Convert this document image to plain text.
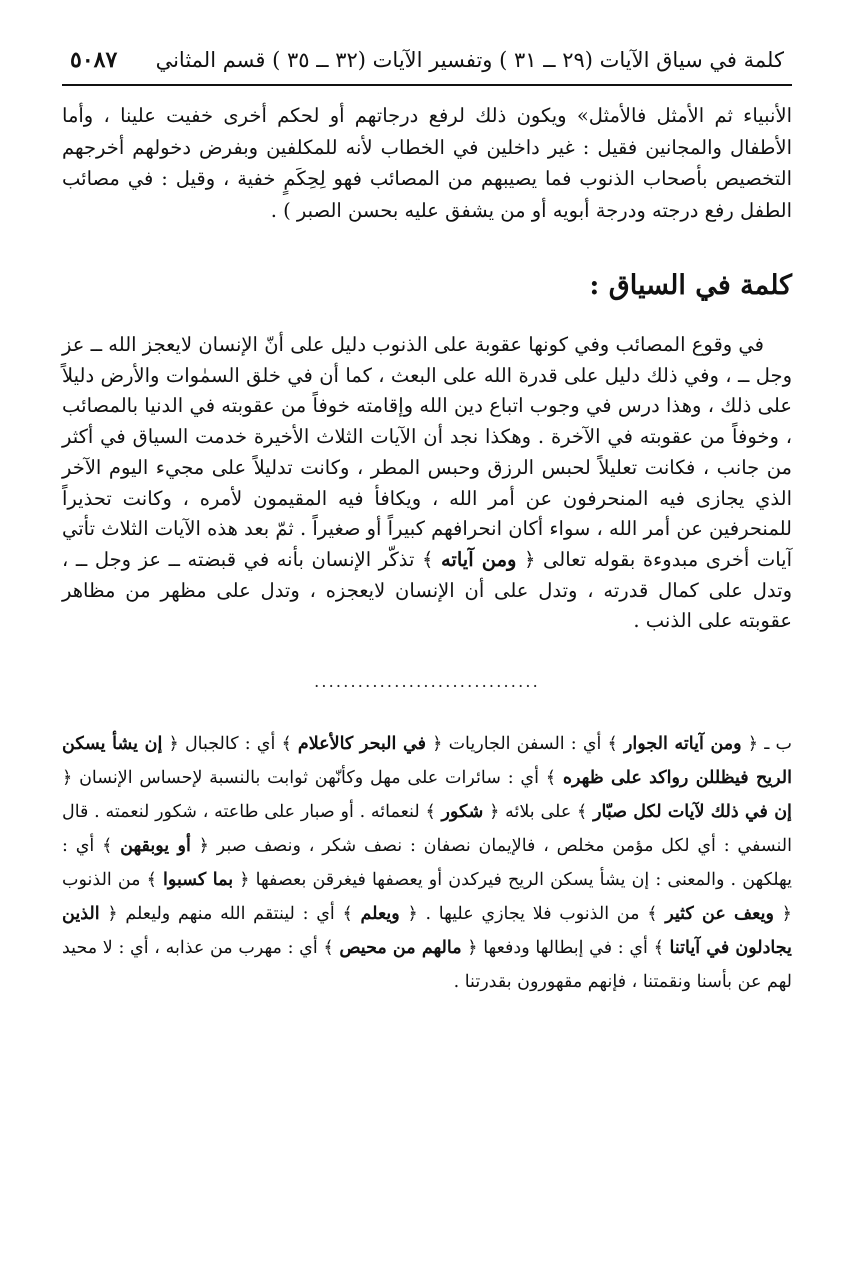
كلمة في سياق الآيات (٢٩ ــ ٣١ ) وتفسير الآيات (٣٢ ــ ٣٥ ) قسم المثاني
٥٠٨٧

الأنبياء ثم الأمثل فالأمثل» ويكون ذلك لرفع درجاتهم أو لحكم أخرى خفيت علينا ، وأما الأطفال والمجانين فقيل : غير داخلين في الخطاب لأنه للمكلفين وبفرض دخولهم أخرجهم التخصيص بأصحاب الذنوب فما يصيبهم من المصائب فهو لِحِكَمٍ خفية ، وقيل : في مصائب الطفل رفع درجته ودرجة أبويه أو من يشفق عليه بحسن الصبر ) .

كلمة في السياق :

في وقوع المصائب وفي كونها عقوبة على الذنوب دليل على أنّ الإنسان لايعجز الله ــ عز وجل ــ ، وفي ذلك دليل على قدرة الله على البعث ، كما أن في خلق السمٰوات والأرض دليلاً على ذلك ، وهذا درس في وجوب اتباع دين الله وإقامته خوفاً من عقوبته في الدنيا بالمصائب ، وخوفاً من عقوبته في الآخرة . وهكذا نجد أن الآيات الثلاث الأخيرة خدمت السياق في أكثر من جانب ، فكانت تعليلاً لحبس الرزق وحبس المطر ، وكانت تدليلاً على مجيء اليوم الآخر الذي يجازى فيه المنحرفون عن أمر الله ، ويكافأ فيه المقيمون لأمره ، وكانت تحذيراً للمنحرفين عن أمر الله ، سواء أكان انحرافهم كبيراً أو صغيراً . ثمّ بعد هذه الآيات الثلاث تأتي آيات أخرى مبدوءة بقوله تعالى ﴿ ومن آياته ﴾ تذكّر الإنسان بأنه في قبضته ــ عز وجل ــ ، وتدل على كمال قدرته ، وتدل على أن الإنسان لايعجزه ، وتدل على مظهر من مظاهر عقوبته على الذنب .

...............................

ب ـ ﴿ ومن آياته الجوار ﴾ أي : السفن الجاريات ﴿ في البحر كالأعلام ﴾ أي : كالجبال ﴿ إن يشأ يسكن الريح فيظللن رواكد على ظهره ﴾ أي : سائرات على مهل وكأنّهن ثوابت بالنسبة لإحساس الإنسان ﴿ إن في ذلك لآيات لكل صبّار ﴾ على بلائه ﴿ شكور ﴾ لنعمائه . أو صبار على طاعته ، شكور لنعمته . قال النسفي : أي لكل مؤمن مخلص ، فالإيمان نصفان : نصف شكر ، ونصف صبر ﴿ أو يوبقهن ﴾ أي : يهلكهن . والمعنى : إن يشأ يسكن الريح فيركدن أو يعصفها فيغرقن بعصفها ﴿ بما كسبوا ﴾ من الذنوب ﴿ ويعف عن كثير ﴾ من الذنوب فلا يجازي عليها . ﴿ ويعلم ﴾ أي : لينتقم الله منهم وليعلم ﴿ الذين يجادلون في آياتنا ﴾ أي : في إبطالها ودفعها ﴿ مالهم من محيص ﴾ أي : مهرب من عذابه ، أي : لا محيد لهم عن بأسنا ونقمتنا ، فإنهم مقهورون بقدرتنا .
